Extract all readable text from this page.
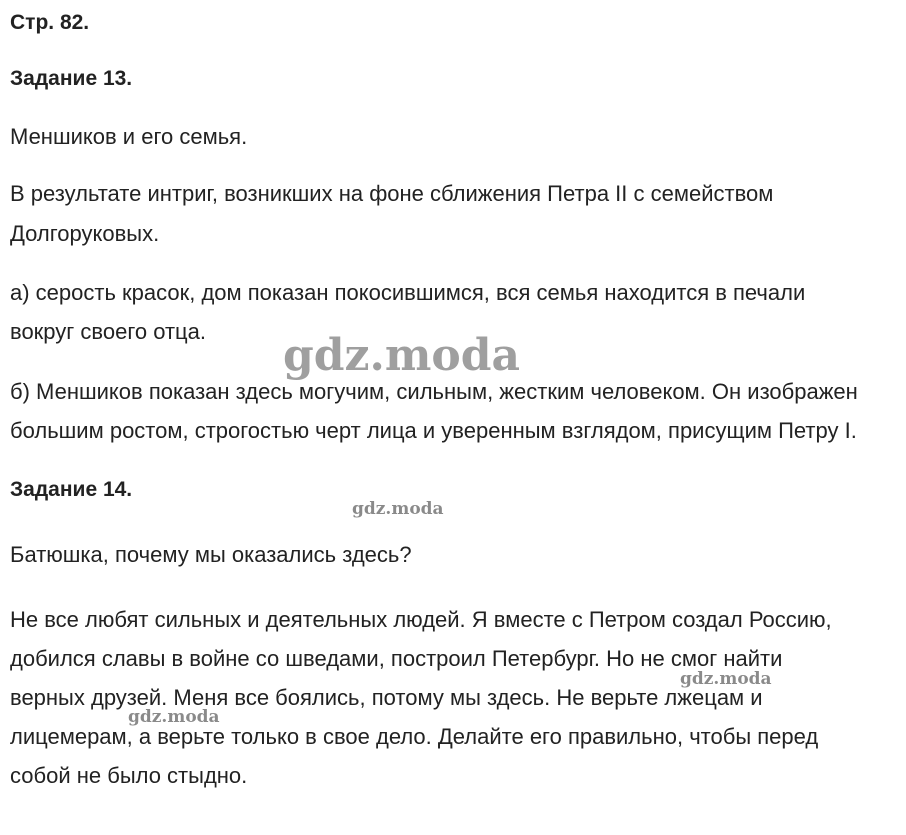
Стр. 82.
Задание 13.
Меншиков и его семья.
В результате интриг, возникших на фоне сближения Петра II с семейством
Долгоруковых.
а) серость красок, дом показан покосившимся, вся семья находится в печали
вокруг своего отца.
б) Меншиков показан здесь могучим, сильным, жестким человеком. Он изображен
большим ростом, строгостью черт лица и уверенным взглядом, присущим Петру I.
Задание 14.
Батюшка, почему мы оказались здесь?
Не все любят сильных и деятельных людей. Я вместе с Петром создал Россию,
добился славы в войне со шведами, построил Петербург. Но не смог найти
верных друзей. Меня все боялись, потому мы здесь. Не верьте лжецам и
лицемерам, а верьте только в свое дело. Делайте его правильно, чтобы перед
собой не было стыдно.
gdz.moda
gdz.moda
gdz.moda
gdz.moda
